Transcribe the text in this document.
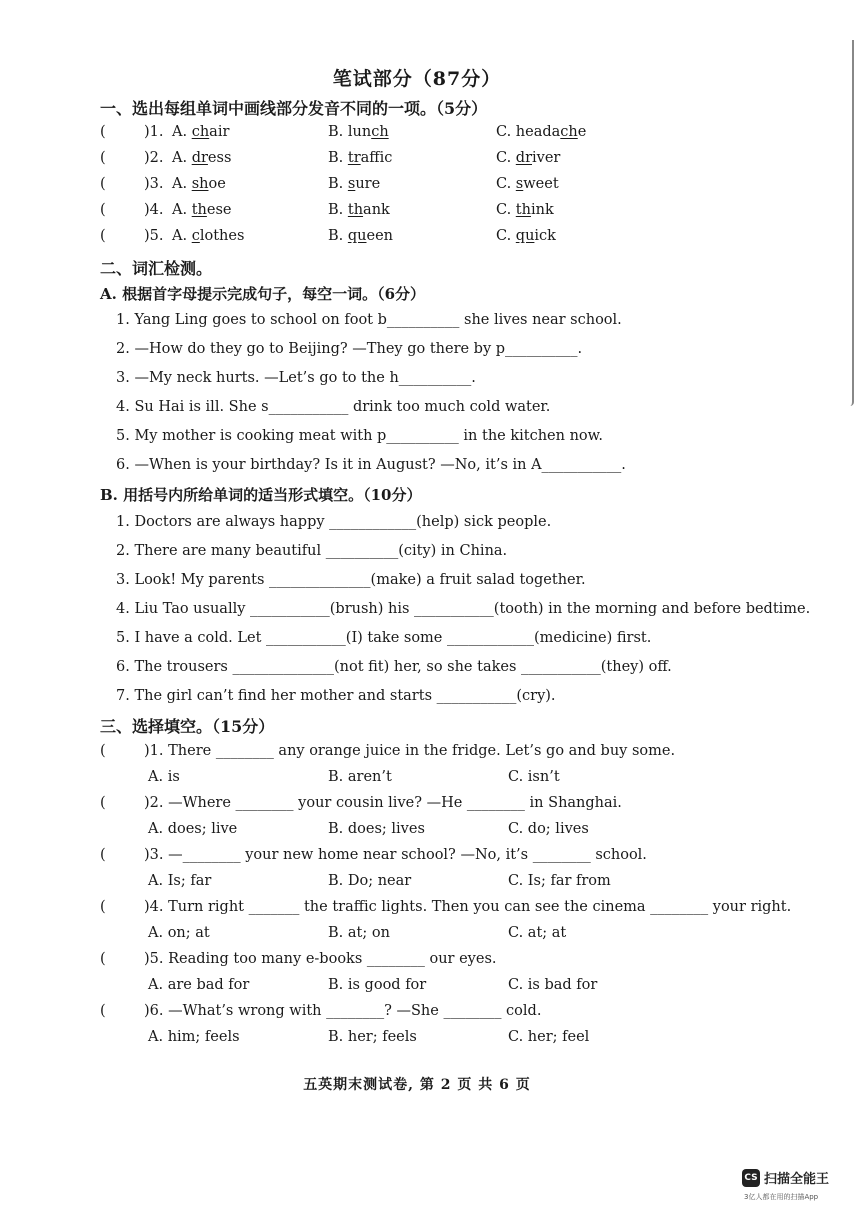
笔试部分（87分）
一、选出每组单词中画线部分发音不同的一项。（5分）
(	)1. A. chair	B. lunch	C. headache
(	)2. A. dress	B. traffic	C. driver
(	)3. A. shoe	B. sure	C. sweet
(	)4. A. these	B. thank	C. think
(	)5. A. clothes	B. queen	C. quick
二、词汇检测。
A. 根据首字母提示完成句子，每空一词。（6分）
1. Yang Ling goes to school on foot b__________ she lives near school.
2. —How do they go to Beijing? —They go there by p__________.
3. —My neck hurts. —Let’s go to the h__________.
4. Su Hai is ill. She s___________ drink too much cold water.
5. My mother is cooking meat with p__________ in the kitchen now.
6. —When is your birthday? Is it in August? —No, it’s in A___________.
B. 用括号内所给单词的适当形式填空。（10分）
1. Doctors are always happy ____________(help) sick people.
2. There are many beautiful __________(city) in China.
3. Look! My parents ______________(make) a fruit salad together.
4. Liu Tao usually ___________(brush) his ___________(tooth) in the morning and before bedtime.
5. I have a cold. Let ___________(I) take some ____________(medicine) first.
6. The trousers ______________(not fit) her, so she takes ___________(they) off.
7. The girl can’t find her mother and starts ___________(cry).
三、选择填空。（15分）
(	)1. There ________ any orange juice in the fridge. Let’s go and buy some.
A. is	B. aren’t	C. isn’t
(	)2. —Where ________ your cousin live? —He ________ in Shanghai.
A. does; live	B. does; lives	C. do; lives
(	)3. —________ your new home near school? —No, it’s ________ school.
A. Is; far	B. Do; near	C. Is; far from
(	)4. Turn right _______ the traffic lights. Then you can see the cinema ________ your right.
A. on; at	B. at; on	C. at; at
(	)5. Reading too many e-books ________ our eyes.
A. are bad for	B. is good for	C. is bad for
(	)6. —What’s wrong with ________? —She ________ cold.
A. him; feels	B. her; feels	C. her; feel
五英期末测试卷, 第 2 页 共 6 页
CS 扫描全能王
3亿人都在用的扫描App
